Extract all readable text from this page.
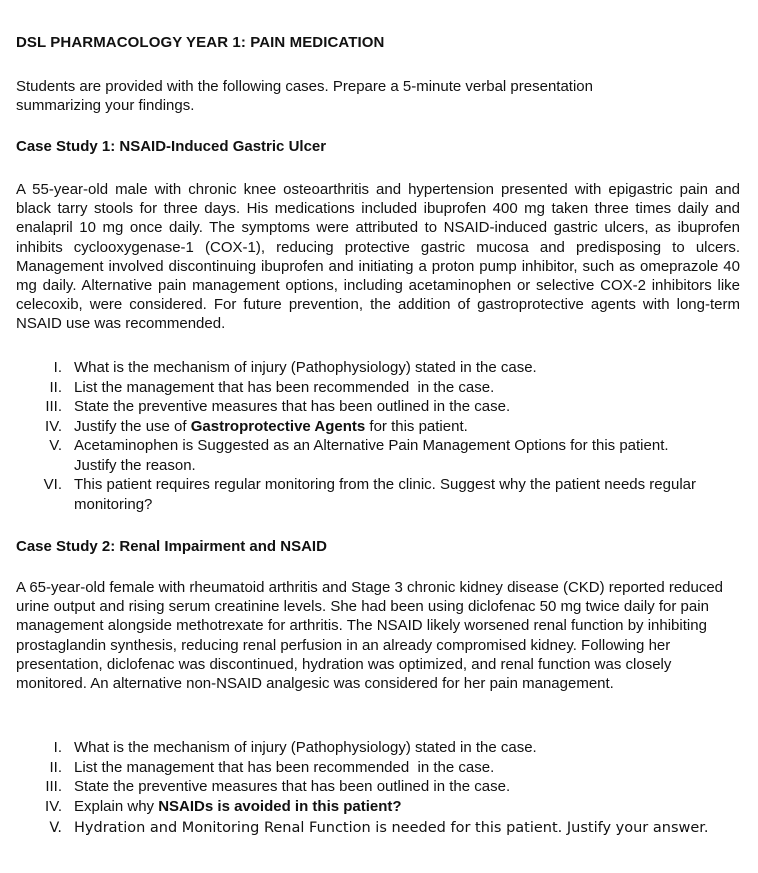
DSL PHARMACOLOGY YEAR 1: PAIN MEDICATION
Students are provided with the following cases. Prepare a 5-minute verbal presentation
summarizing your findings.
Case Study 1: NSAID-Induced Gastric Ulcer
A 55-year-old male with chronic knee osteoarthritis and hypertension presented with epigastric pain and black tarry stools for three days. His medications included ibuprofen 400 mg taken three times daily and enalapril 10 mg once daily. The symptoms were attributed to NSAID-induced gastric ulcers, as ibuprofen inhibits cyclooxygenase-1 (COX-1), reducing protective gastric mucosa and predisposing to ulcers. Management involved discontinuing ibuprofen and initiating a proton pump inhibitor, such as omeprazole 40 mg daily. Alternative pain management options, including acetaminophen or selective COX-2 inhibitors like celecoxib, were considered. For future prevention, the addition of gastroprotective agents with long-term NSAID use was recommended.
I. What is the mechanism of injury (Pathophysiology) stated in the case.
II. List the management that has been recommended  in the case.
III. State the preventive measures that has been outlined in the case.
IV. Justify the use of Gastroprotective Agents for this patient.
V. Acetaminophen is Suggested as an Alternative Pain Management Options for this patient. Justify the reason.
VI. This patient requires regular monitoring from the clinic. Suggest why the patient needs regular monitoring?
Case Study 2: Renal Impairment and NSAID
A 65-year-old female with rheumatoid arthritis and Stage 3 chronic kidney disease (CKD) reported reduced urine output and rising serum creatinine levels. She had been using diclofenac 50 mg twice daily for pain management alongside methotrexate for arthritis. The NSAID likely worsened renal function by inhibiting prostaglandin synthesis, reducing renal perfusion in an already compromised kidney. Following her presentation, diclofenac was discontinued, hydration was optimized, and renal function was closely monitored. An alternative non-NSAID analgesic was considered for her pain management.
I. What is the mechanism of injury (Pathophysiology) stated in the case.
II. List the management that has been recommended  in the case.
III. State the preventive measures that has been outlined in the case.
IV. Explain why NSAIDs is avoided in this patient?
V. Hydration and Monitoring Renal Function is needed for this patient. Justify your answer.
